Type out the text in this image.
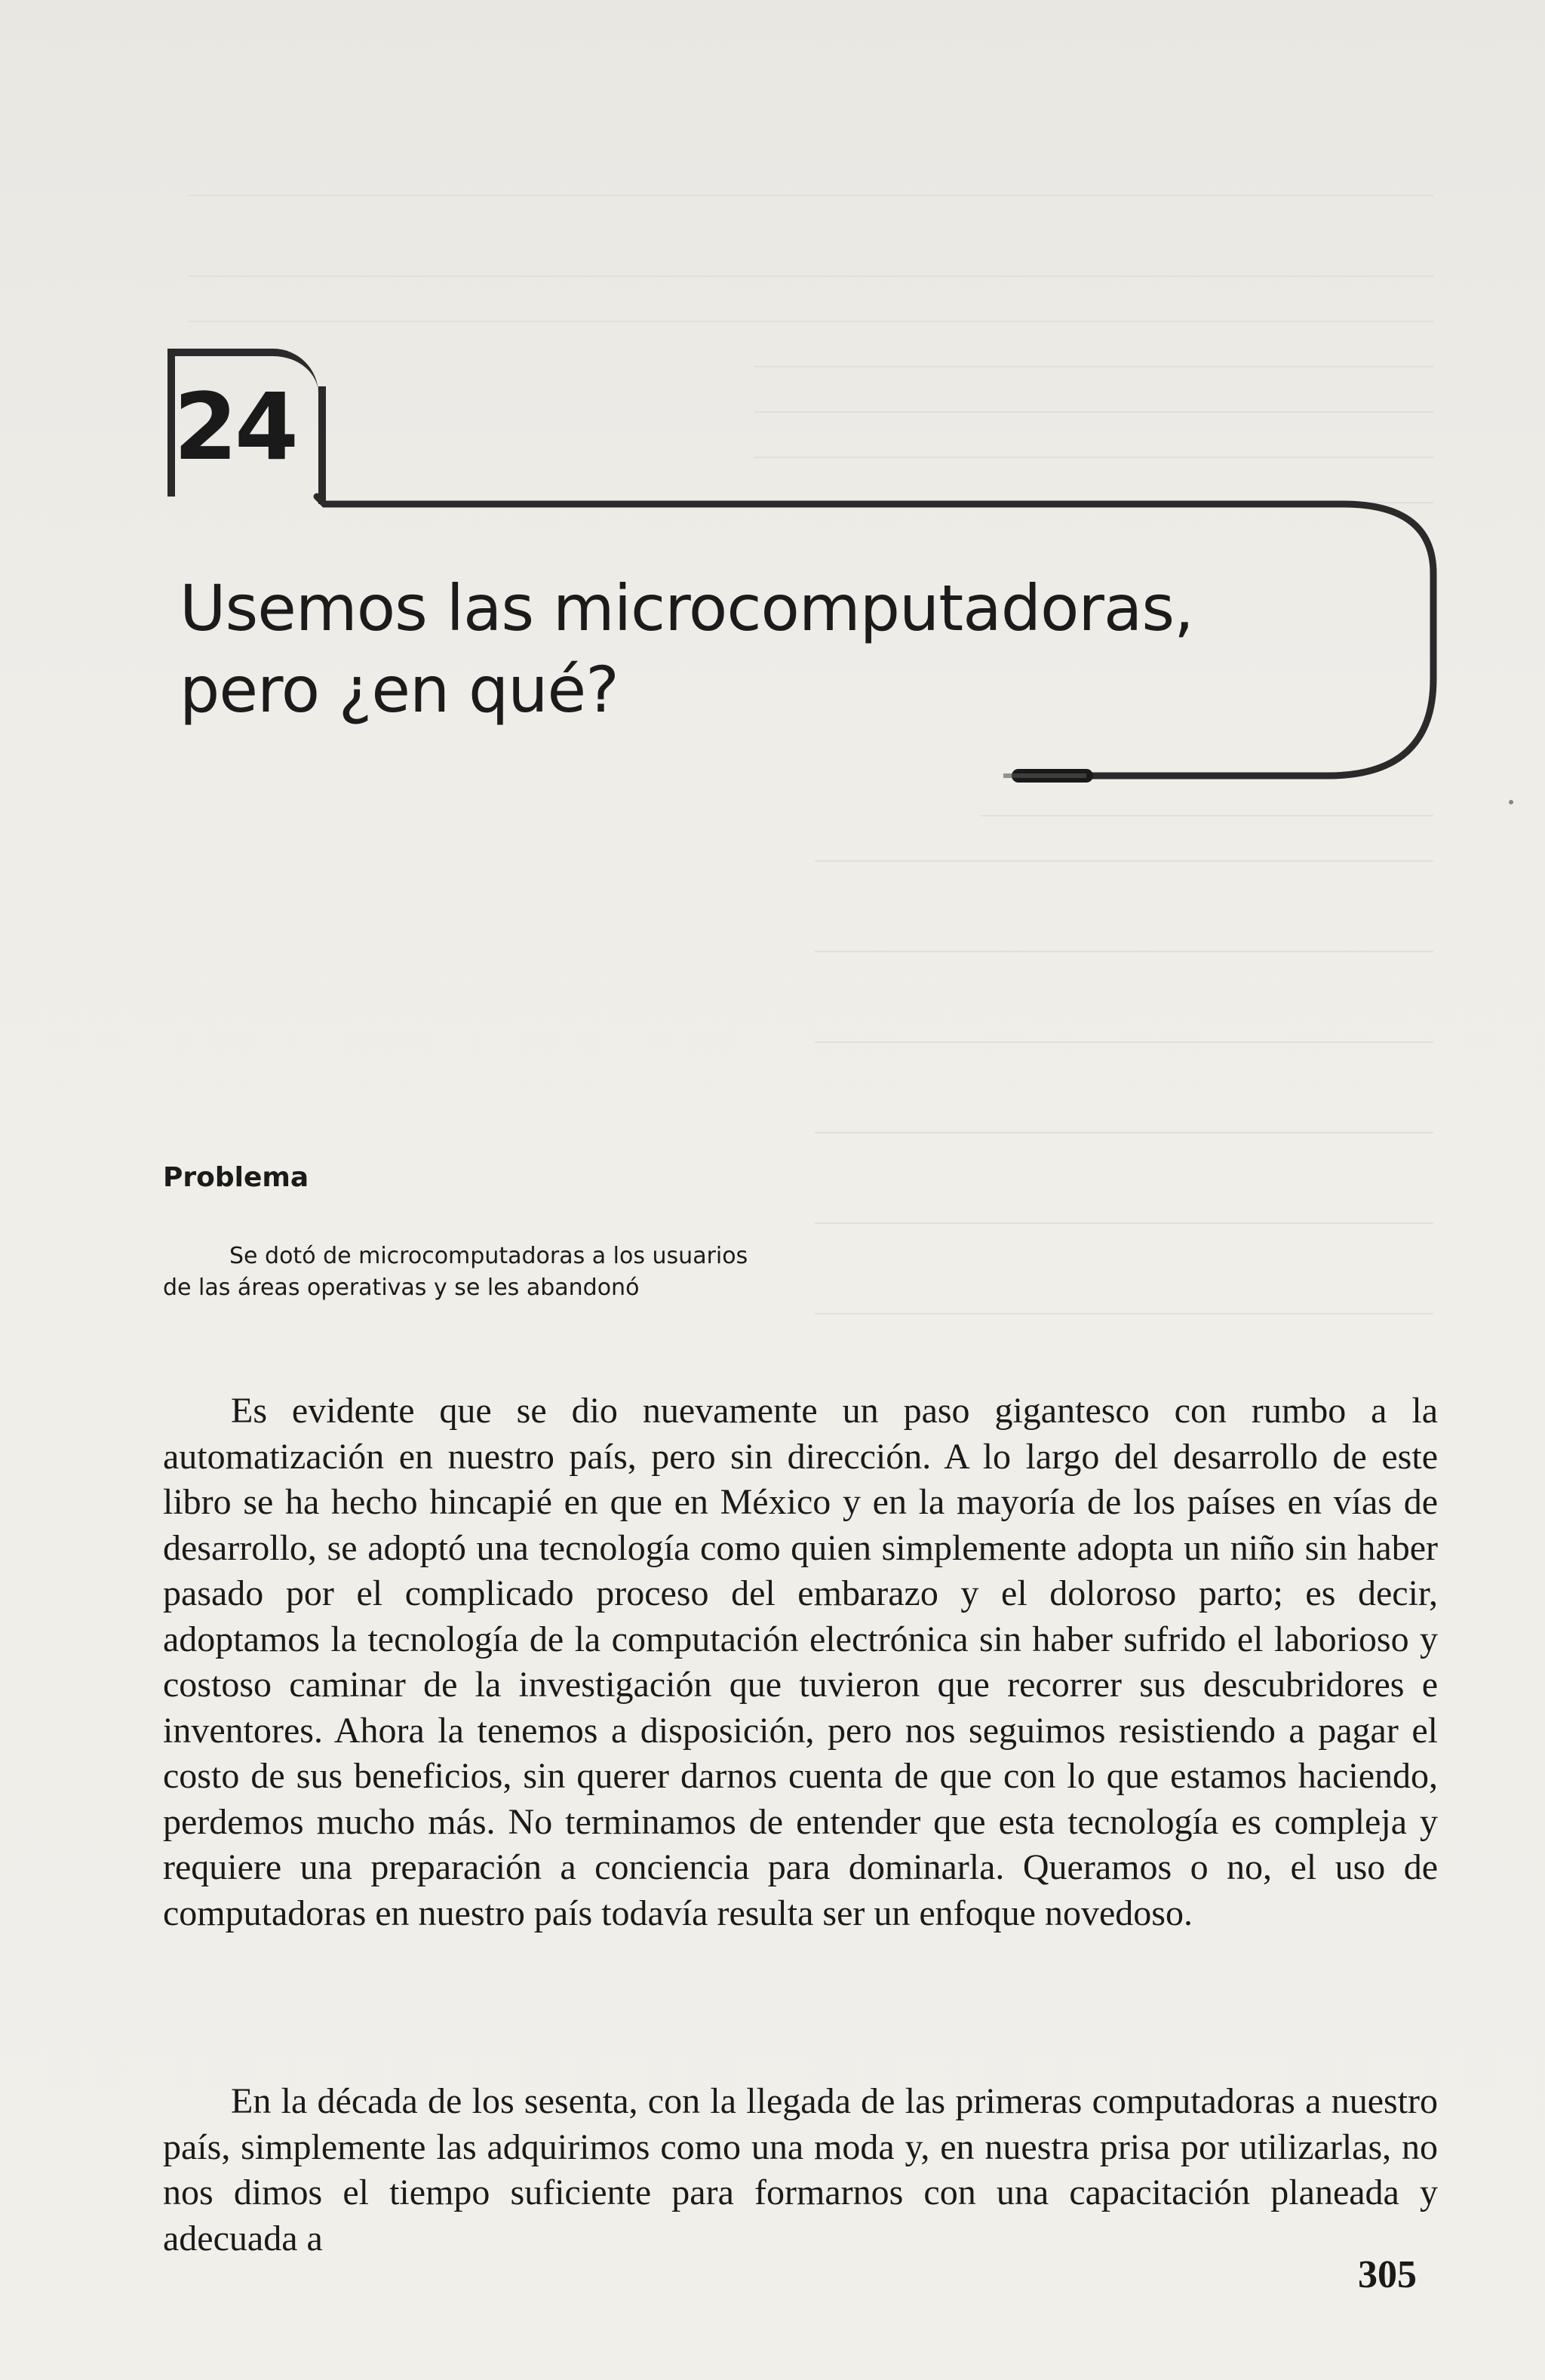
24
Usemos las microcomputadoras,
pero ¿en qué?
Problema

Se dotó de microcomputadoras a los usuarios de las áreas operativas y se les abandonó

Es evidente que se dio nuevamente un paso gigantesco con rumbo a la automatización en nuestro país, pero sin dirección. A lo largo del desarrollo de este libro se ha hecho hincapié en que en México y en la mayoría de los países en vías de desarrollo, se adoptó una tecnología como quien simplemente adopta un niño sin haber pasado por el complicado proceso del embarazo y el doloroso parto; es decir, adoptamos la tecnología de la computación electrónica sin haber sufrido el laborioso y costoso caminar de la investigación que tuvieron que recorrer sus descubridores e inventores. Ahora la tenemos a disposición, pero nos seguimos resistiendo a pagar el costo de sus beneficios, sin querer darnos cuenta de que con lo que estamos haciendo, perdemos mucho más. No terminamos de entender que esta tecnología es compleja y requiere una preparación a conciencia para dominarla. Queramos o no, el uso de computadoras en nuestro país todavía resulta ser un enfoque novedoso.

En la década de los sesenta, con la llegada de las primeras computadoras a nuestro país, simplemente las adquirimos como una moda y, en nuestra prisa por utilizarlas, no nos dimos el tiempo suficiente para formarnos con una capacitación planeada y adecuada a

305
